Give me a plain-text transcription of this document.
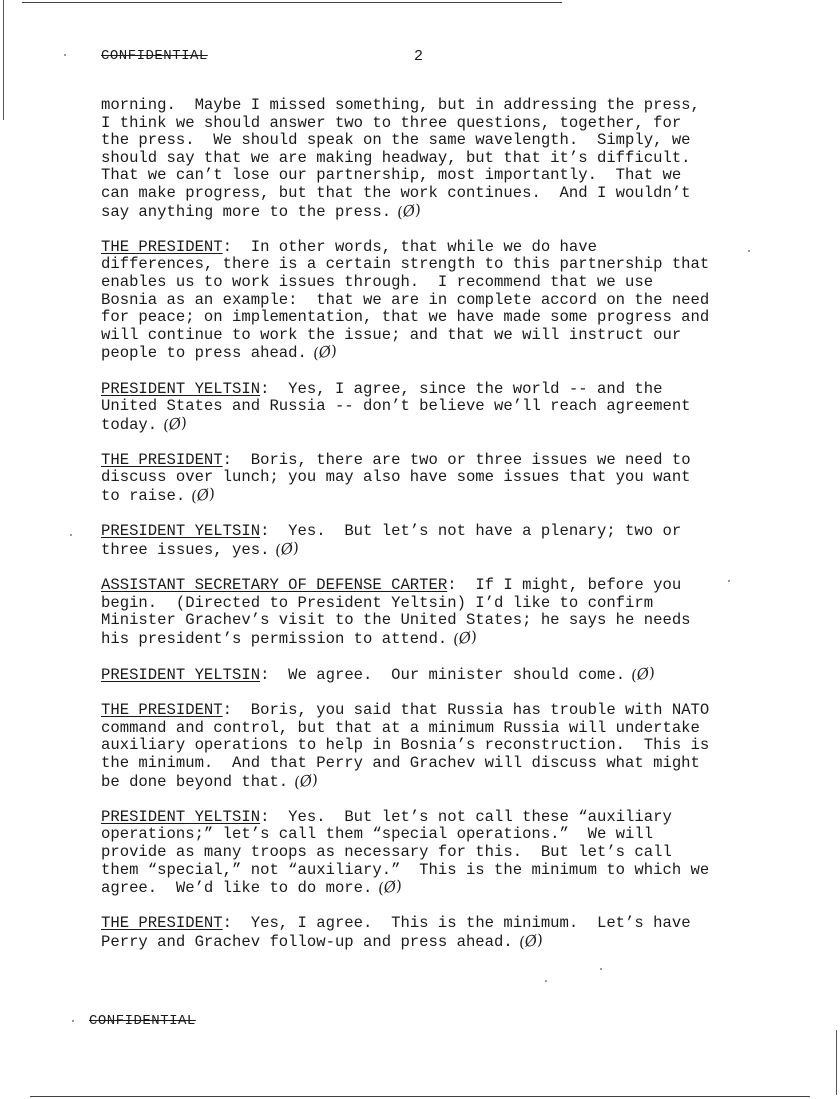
CONFIDENTIAL	2

morning.  Maybe I missed something, but in addressing the press,
I think we should answer two to three questions, together, for
the press.  We should speak on the same wavelength.  Simply, we
should say that we are making headway, but that it’s difficult.
That we can’t lose our partnership, most importantly.  That we
can make progress, but that the work continues.  And I wouldn’t
say anything more to the press. (Ø)

THE PRESIDENT:  In other words, that while we do have
differences, there is a certain strength to this partnership that
enables us to work issues through.  I recommend that we use
Bosnia as an example:  that we are in complete accord on the need
for peace; on implementation, that we have made some progress and
will continue to work the issue; and that we will instruct our
people to press ahead. (Ø)

PRESIDENT YELTSIN:  Yes, I agree, since the world -- and the
United States and Russia -- don’t believe we’ll reach agreement
today. (Ø)

THE PRESIDENT:  Boris, there are two or three issues we need to
discuss over lunch; you may also have some issues that you want
to raise. (Ø)

PRESIDENT YELTSIN:  Yes.  But let’s not have a plenary; two or
three issues, yes. (Ø)

ASSISTANT SECRETARY OF DEFENSE CARTER:  If I might, before you
begin.  (Directed to President Yeltsin) I’d like to confirm
Minister Grachev’s visit to the United States; he says he needs
his president’s permission to attend. (Ø)

PRESIDENT YELTSIN:  We agree.  Our minister should come. (Ø)

THE PRESIDENT:  Boris, you said that Russia has trouble with NATO
command and control, but that at a minimum Russia will undertake
auxiliary operations to help in Bosnia’s reconstruction.  This is
the minimum.  And that Perry and Grachev will discuss what might
be done beyond that. (Ø)

PRESIDENT YELTSIN:  Yes.  But let’s not call these “auxiliary
operations;” let’s call them “special operations.”  We will
provide as many troops as necessary for this.  But let’s call
them “special,” not “auxiliary.”  This is the minimum to which we
agree.  We’d like to do more. (Ø)

THE PRESIDENT:  Yes, I agree.  This is the minimum.  Let’s have
Perry and Grachev follow-up and press ahead. (Ø)

CONFIDENTIAL
